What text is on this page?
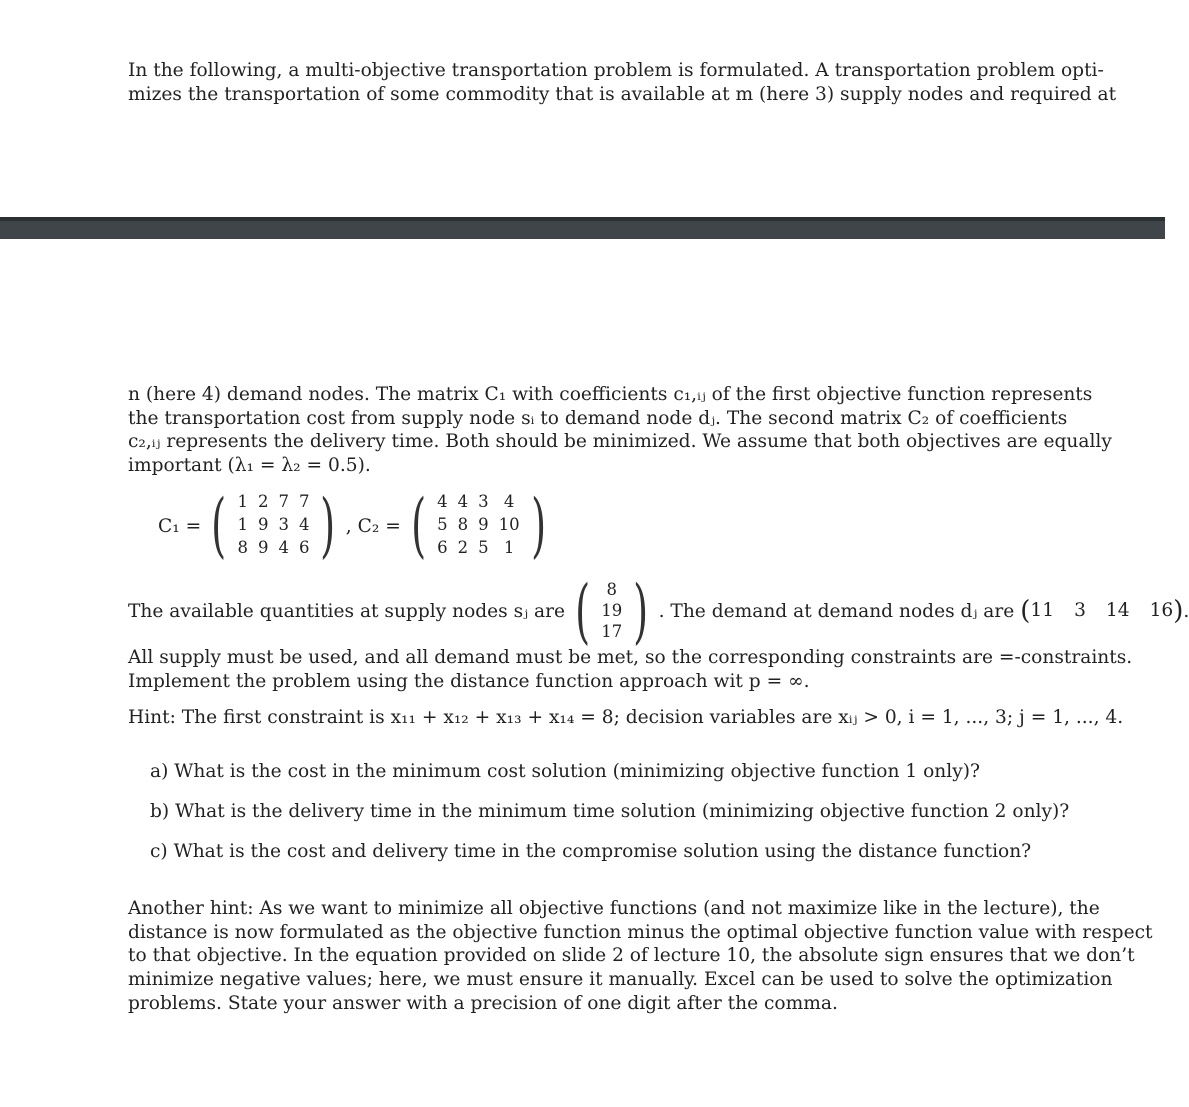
In the following, a multi-objective transportation problem is formulated. A transportation problem opti-
mizes the transportation of some commodity that is available at m (here 3) supply nodes and required at
n (here 4) demand nodes. The matrix C₁ with coefficients c₁,ᵢⱼ of the first objective function represents
the transportation cost from supply node sᵢ to demand node dⱼ. The second matrix C₂ of coefficients
c₂,ᵢⱼ represents the delivery time. Both should be minimized. We assume that both objectives are equally
important (λ₁ = λ₂ = 0.5).
C₁ = ( 1 2 7 7
1 9 3 4
8 9 4 6 ) , C₂ = ( 4 4 3 4
5 8 9 10
6 2 5 1 )
The available quantities at supply nodes sⱼ are ( 8
19
17 ) . The demand at demand nodes dⱼ are (11 3 14 16) .
All supply must be used, and all demand must be met, so the corresponding constraints are =-constraints.
Implement the problem using the distance function approach wit p = ∞.
Hint: The first constraint is x₁₁ + x₁₂ + x₁₃ + x₁₄ = 8; decision variables are xᵢⱼ > 0, i = 1, ..., 3; j = 1, ..., 4.
a) What is the cost in the minimum cost solution (minimizing objective function 1 only)?
b) What is the delivery time in the minimum time solution (minimizing objective function 2 only)?
c) What is the cost and delivery time in the compromise solution using the distance function?
Another hint: As we want to minimize all objective functions (and not maximize like in the lecture), the
distance is now formulated as the objective function minus the optimal objective function value with respect
to that objective. In the equation provided on slide 2 of lecture 10, the absolute sign ensures that we don’t
minimize negative values; here, we must ensure it manually. Excel can be used to solve the optimization
problems. State your answer with a precision of one digit after the comma.
